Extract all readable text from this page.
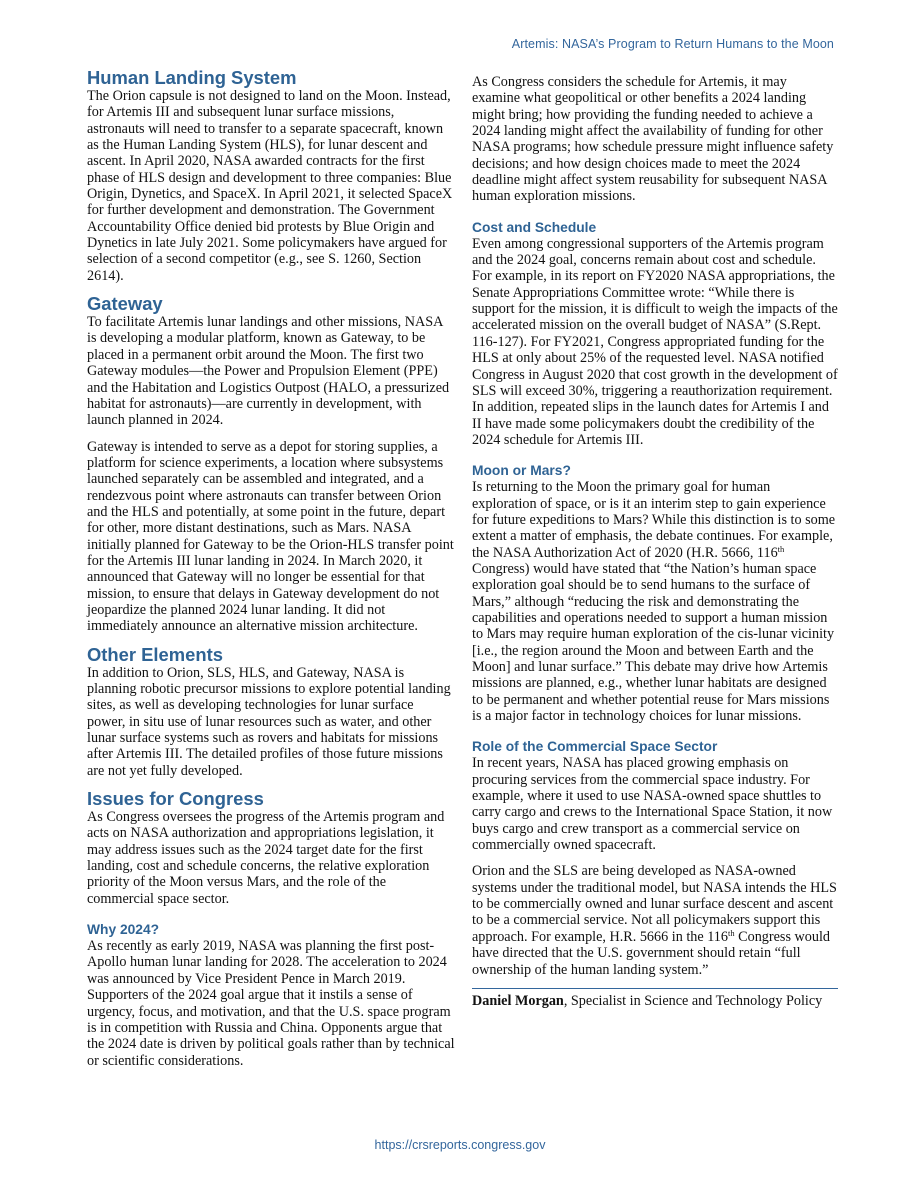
Artemis: NASA’s Program to Return Humans to the Moon
Human Landing System

The Orion capsule is not designed to land on the Moon. Instead, for Artemis III and subsequent lunar surface missions, astronauts will need to transfer to a separate spacecraft, known as the Human Landing System (HLS), for lunar descent and ascent. In April 2020, NASA awarded contracts for the first phase of HLS design and development to three companies: Blue Origin, Dynetics, and SpaceX. In April 2021, it selected SpaceX for further development and demonstration. The Government Accountability Office denied bid protests by Blue Origin and Dynetics in late July 2021. Some policymakers have argued for selection of a second competitor (e.g., see S. 1260, Section 2614).

Gateway

To facilitate Artemis lunar landings and other missions, NASA is developing a modular platform, known as Gateway, to be placed in a permanent orbit around the Moon. The first two Gateway modules—the Power and Propulsion Element (PPE) and the Habitation and Logistics Outpost (HALO, a pressurized habitat for astronauts)—are currently in development, with launch planned in 2024.

Gateway is intended to serve as a depot for storing supplies, a platform for science experiments, a location where subsystems launched separately can be assembled and integrated, and a rendezvous point where astronauts can transfer between Orion and the HLS and potentially, at some point in the future, depart for other, more distant destinations, such as Mars. NASA initially planned for Gateway to be the Orion-HLS transfer point for the Artemis III lunar landing in 2024. In March 2020, it announced that Gateway will no longer be essential for that mission, to ensure that delays in Gateway development do not jeopardize the planned 2024 lunar landing. It did not immediately announce an alternative mission architecture.

Other Elements

In addition to Orion, SLS, HLS, and Gateway, NASA is planning robotic precursor missions to explore potential landing sites, as well as developing technologies for lunar surface power, in situ use of lunar resources such as water, and other lunar surface systems such as rovers and habitats for missions after Artemis III. The detailed profiles of those future missions are not yet fully developed.

Issues for Congress

As Congress oversees the progress of the Artemis program and acts on NASA authorization and appropriations legislation, it may address issues such as the 2024 target date for the first landing, cost and schedule concerns, the relative exploration priority of the Moon versus Mars, and the role of the commercial space sector.

Why 2024?

As recently as early 2019, NASA was planning the first post-Apollo human lunar landing for 2028. The acceleration to 2024 was announced by Vice President Pence in March 2019. Supporters of the 2024 goal argue that it instils a sense of urgency, focus, and motivation, and that the U.S. space program is in competition with Russia and China. Opponents argue that the 2024 date is driven by political goals rather than by technical or scientific considerations.

As Congress considers the schedule for Artemis, it may examine what geopolitical or other benefits a 2024 landing might bring; how providing the funding needed to achieve a 2024 landing might affect the availability of funding for other NASA programs; how schedule pressure might influence safety decisions; and how design choices made to meet the 2024 deadline might affect system reusability for subsequent NASA human exploration missions.

Cost and Schedule

Even among congressional supporters of the Artemis program and the 2024 goal, concerns remain about cost and schedule. For example, in its report on FY2020 NASA appropriations, the Senate Appropriations Committee wrote: “While there is support for the mission, it is difficult to weigh the impacts of the accelerated mission on the overall budget of NASA” (S.Rept. 116-127). For FY2021, Congress appropriated funding for the HLS at only about 25% of the requested level. NASA notified Congress in August 2020 that cost growth in the development of SLS will exceed 30%, triggering a reauthorization requirement. In addition, repeated slips in the launch dates for Artemis I and II have made some policymakers doubt the credibility of the 2024 schedule for Artemis III.

Moon or Mars?

Is returning to the Moon the primary goal for human exploration of space, or is it an interim step to gain experience for future expeditions to Mars? While this distinction is to some extent a matter of emphasis, the debate continues. For example, the NASA Authorization Act of 2020 (H.R. 5666, 116th Congress) would have stated that “the Nation’s human space exploration goal should be to send humans to the surface of Mars,” although “reducing the risk and demonstrating the capabilities and operations needed to support a human mission to Mars may require human exploration of the cis-lunar vicinity [i.e., the region around the Moon and between Earth and the Moon] and lunar surface.” This debate may drive how Artemis missions are planned, e.g., whether lunar habitats are designed to be permanent and whether potential reuse for Mars missions is a major factor in technology choices for lunar missions.

Role of the Commercial Space Sector

In recent years, NASA has placed growing emphasis on procuring services from the commercial space industry. For example, where it used to use NASA-owned space shuttles to carry cargo and crews to the International Space Station, it now buys cargo and crew transport as a commercial service on commercially owned spacecraft.

Orion and the SLS are being developed as NASA-owned systems under the traditional model, but NASA intends the HLS to be commercially owned and lunar surface descent and ascent to be a commercial service. Not all policymakers support this approach. For example, H.R. 5666 in the 116th Congress would have directed that the U.S. government should retain “full ownership of the human landing system.”

Daniel Morgan, Specialist in Science and Technology Policy
https://crsreports.congress.gov
